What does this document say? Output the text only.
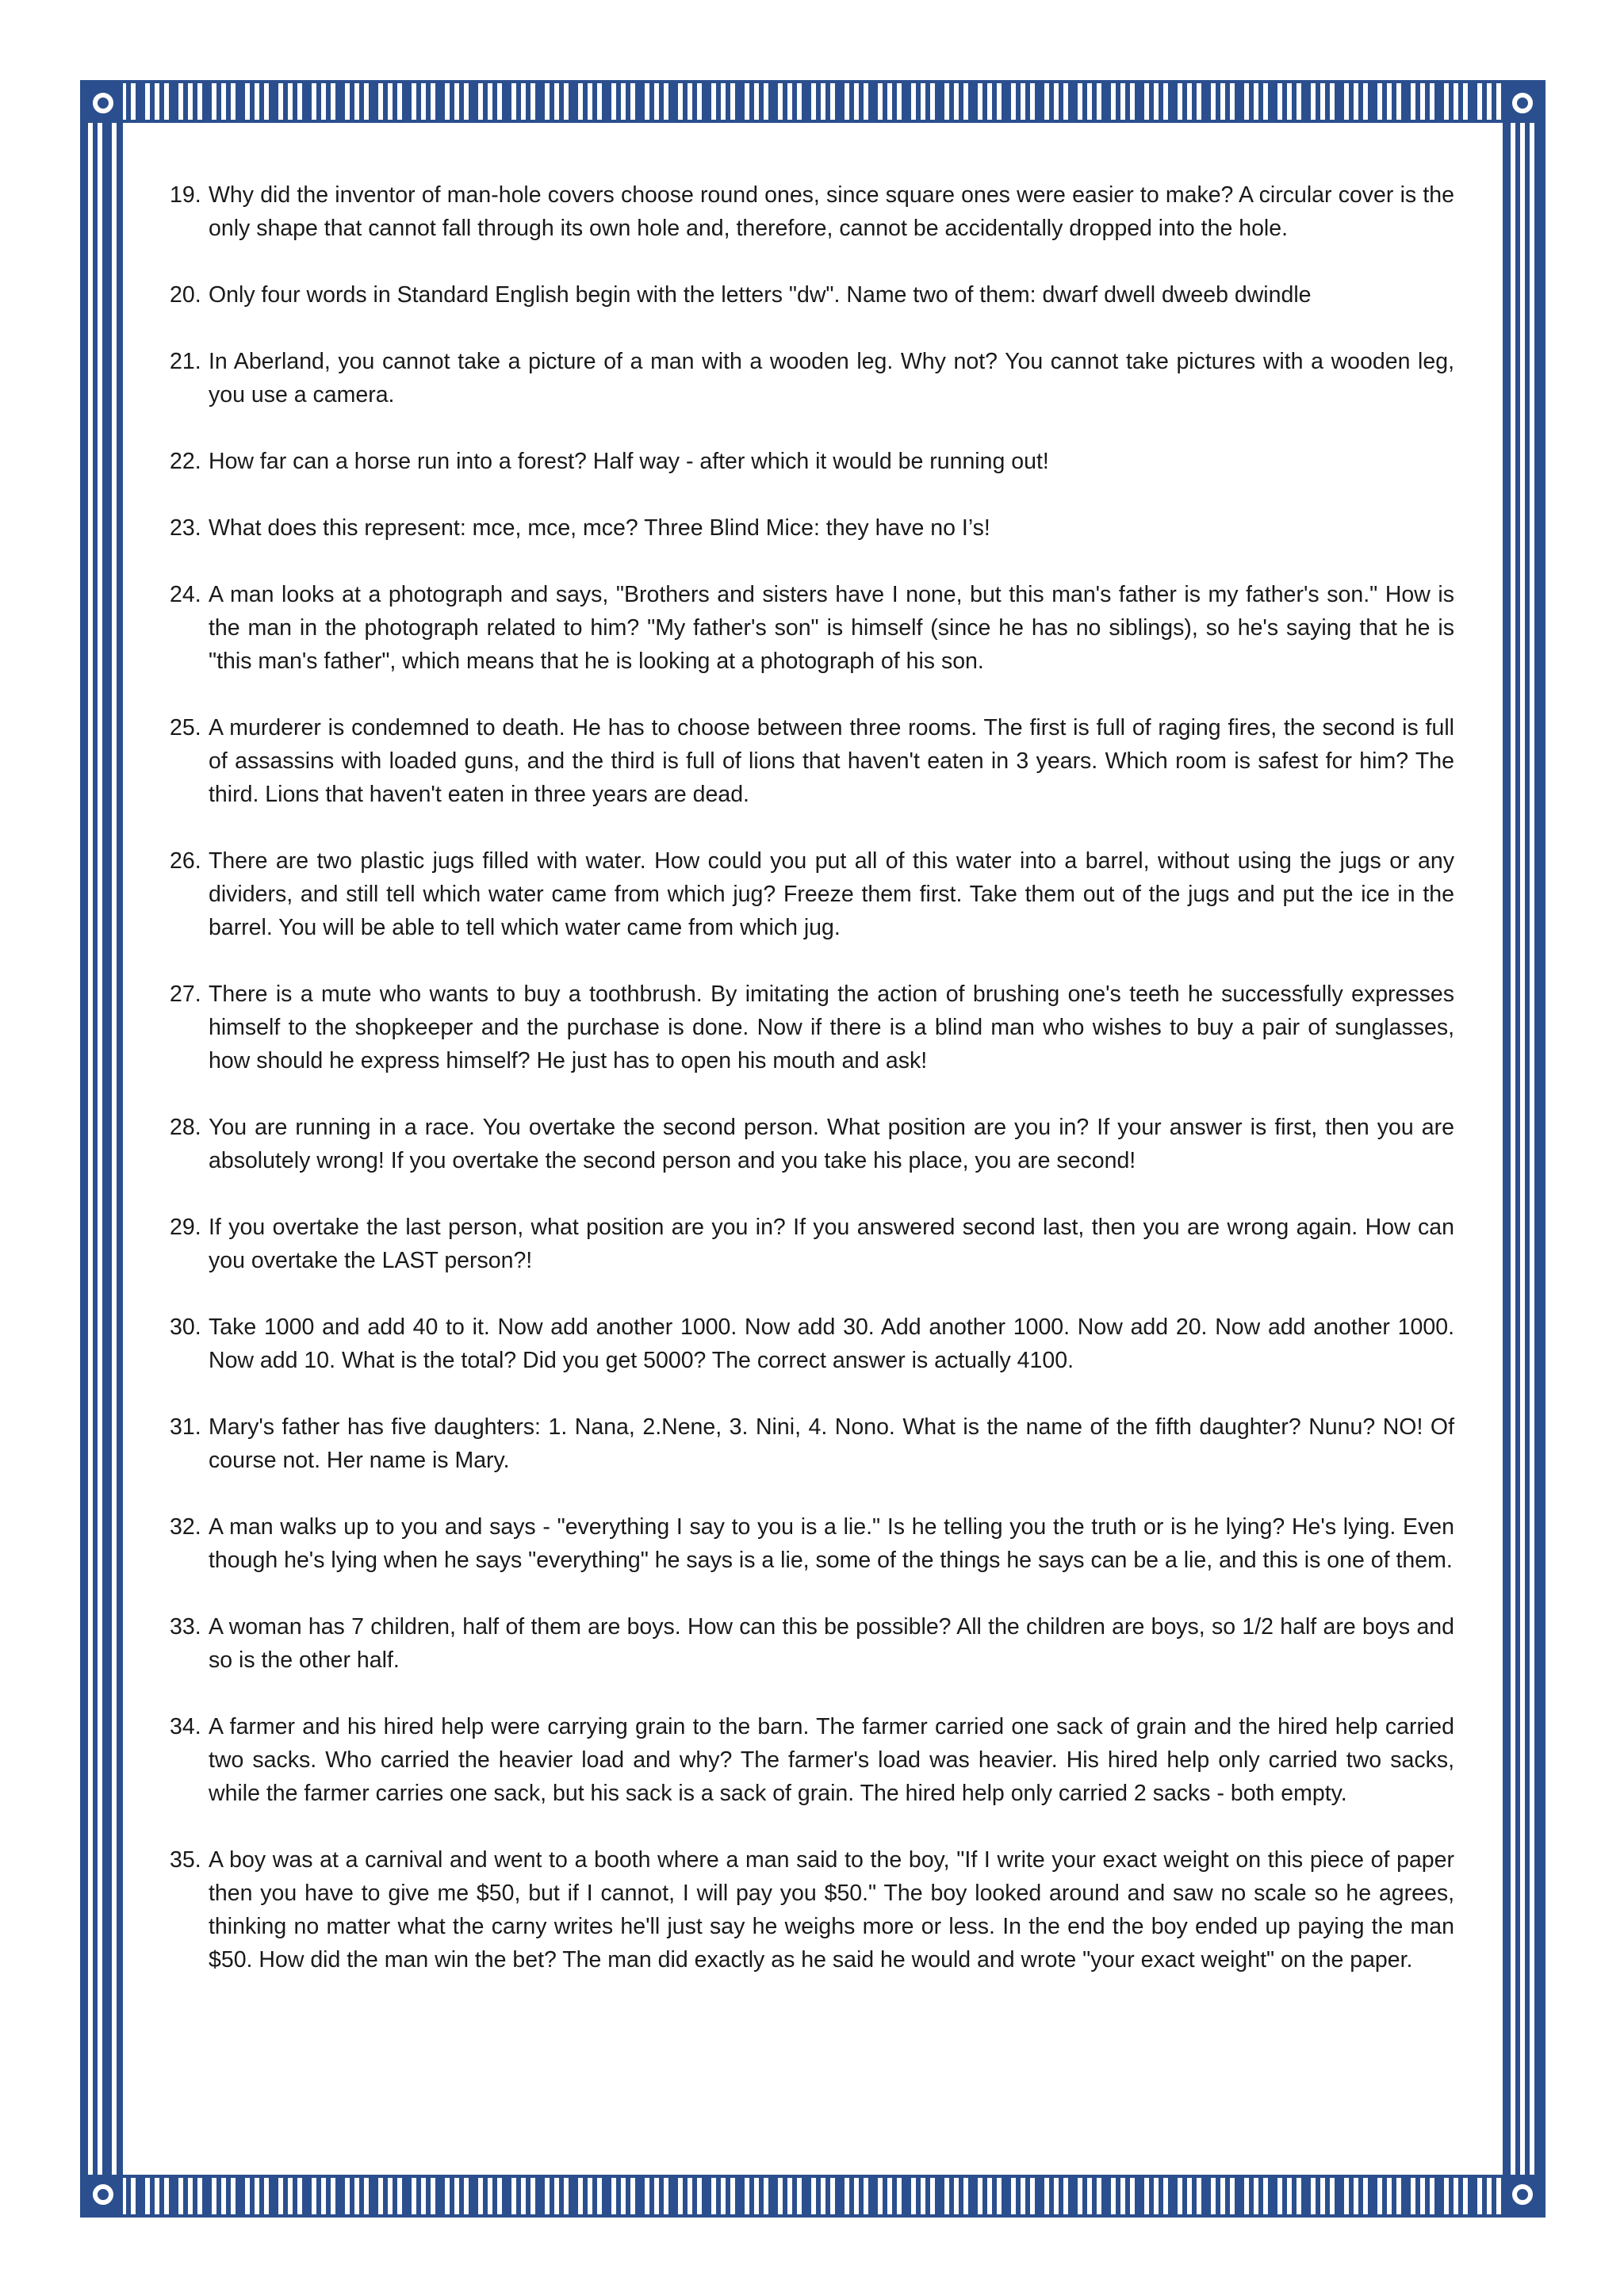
19. Why did the inventor of man-hole covers choose round ones, since square ones were easier to make? A circular cover is the only shape that cannot fall through its own hole and, therefore, cannot be accidentally dropped into the hole.
20. Only four words in Standard English begin with the letters "dw". Name two of them: dwarf dwell dweeb dwindle
21. In Aberland, you cannot take a picture of a man with a wooden leg. Why not? You cannot take pictures with a wooden leg, you use a camera.
22. How far can a horse run into a forest? Half way - after which it would be running out!
23. What does this represent: mce, mce, mce? Three Blind Mice: they have no I’s!
24. A man looks at a photograph and says, "Brothers and sisters have I none, but this man's father is my father's son." How is the man in the photograph related to him? "My father's son" is himself (since he has no siblings), so he's saying that he is "this man's father", which means that he is looking at a photograph of his son.
25. A murderer is condemned to death. He has to choose between three rooms. The first is full of raging fires, the second is full of assassins with loaded guns, and the third is full of lions that haven't eaten in 3 years. Which room is safest for him? The third. Lions that haven't eaten in three years are dead.
26. There are two plastic jugs filled with water. How could you put all of this water into a barrel, without using the jugs or any dividers, and still tell which water came from which jug? Freeze them first. Take them out of the jugs and put the ice in the barrel. You will be able to tell which water came from which jug.
27. There is a mute who wants to buy a toothbrush. By imitating the action of brushing one's teeth he successfully expresses himself to the shopkeeper and the purchase is done. Now if there is a blind man who wishes to buy a pair of sunglasses, how should he express himself? He just has to open his mouth and ask!
28. You are running in a race. You overtake the second person. What position are you in? If your answer is first, then you are absolutely wrong! If you overtake the second person and you take his place, you are second!
29. If you overtake the last person, what position are you in? If you answered second last, then you are wrong again. How can you overtake the LAST person?!
30. Take 1000 and add 40 to it. Now add another 1000. Now add 30. Add another 1000. Now add 20. Now add another 1000. Now add 10. What is the total? Did you get 5000? The correct answer is actually 4100.
31. Mary's father has five daughters: 1. Nana, 2.Nene, 3. Nini, 4. Nono. What is the name of the fifth daughter? Nunu? NO! Of course not. Her name is Mary.
32. A man walks up to you and says - "everything I say to you is a lie." Is he telling you the truth or is he lying? He's lying. Even though he's lying when he says "everything" he says is a lie, some of the things he says can be a lie, and this is one of them.
33. A woman has 7 children, half of them are boys. How can this be possible? All the children are boys, so 1/2 half are boys and so is the other half.
34. A farmer and his hired help were carrying grain to the barn. The farmer carried one sack of grain and the hired help carried two sacks. Who carried the heavier load and why? The farmer's load was heavier. His hired help only carried two sacks, while the farmer carries one sack, but his sack is a sack of grain. The hired help only carried 2 sacks - both empty.
35. A boy was at a carnival and went to a booth where a man said to the boy, "If I write your exact weight on this piece of paper then you have to give me $50, but if I cannot, I will pay you $50." The boy looked around and saw no scale so he agrees, thinking no matter what the carny writes he'll just say he weighs more or less. In the end the boy ended up paying the man $50. How did the man win the bet? The man did exactly as he said he would and wrote "your exact weight" on the paper.
